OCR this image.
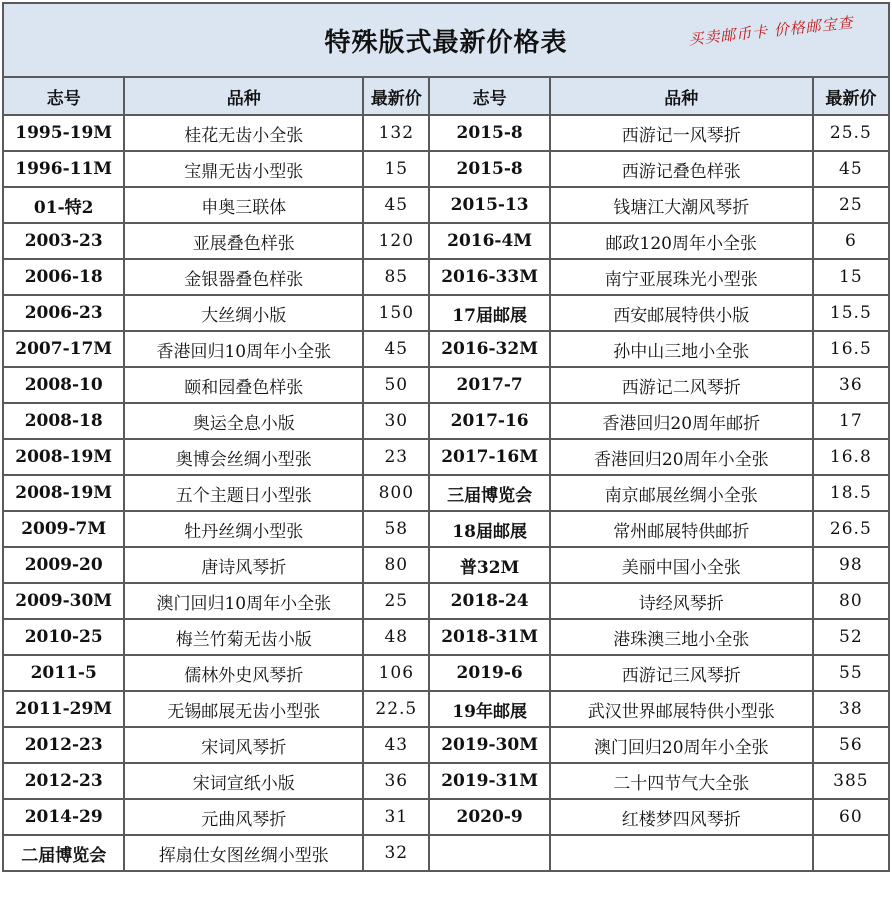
特殊版式最新价格表	买卖邮币卡 价格邮宝查
志号	品种	最新价	志号	品种	最新价
1995-19M	桂花无齿小全张	132	2015-8	西游记一风琴折	25.5
1996-11M	宝鼎无齿小型张	15	2015-8	西游记叠色样张	45
01-特2	申奥三联体	45	2015-13	钱塘江大潮风琴折	25
2003-23	亚展叠色样张	120	2016-4M	邮政120周年小全张	6
2006-18	金银器叠色样张	85	2016-33M	南宁亚展珠光小型张	15
2006-23	大丝绸小版	150	17届邮展	西安邮展特供小版	15.5
2007-17M	香港回归10周年小全张	45	2016-32M	孙中山三地小全张	16.5
2008-10	颐和园叠色样张	50	2017-7	西游记二风琴折	36
2008-18	奥运全息小版	30	2017-16	香港回归20周年邮折	17
2008-19M	奥博会丝绸小型张	23	2017-16M	香港回归20周年小全张	16.8
2008-19M	五个主题日小型张	800	三届博览会	南京邮展丝绸小全张	18.5
2009-7M	牡丹丝绸小型张	58	18届邮展	常州邮展特供邮折	26.5
2009-20	唐诗风琴折	80	普32M	美丽中国小全张	98
2009-30M	澳门回归10周年小全张	25	2018-24	诗经风琴折	80
2010-25	梅兰竹菊无齿小版	48	2018-31M	港珠澳三地小全张	52
2011-5	儒林外史风琴折	106	2019-6	西游记三风琴折	55
2011-29M	无锡邮展无齿小型张	22.5	19年邮展	武汉世界邮展特供小型张	38
2012-23	宋词风琴折	43	2019-30M	澳门回归20周年小全张	56
2012-23	宋词宣纸小版	36	2019-31M	二十四节气大全张	385
2014-29	元曲风琴折	31	2020-9	红楼梦四风琴折	60
二届博览会	挥扇仕女图丝绸小型张	32			
